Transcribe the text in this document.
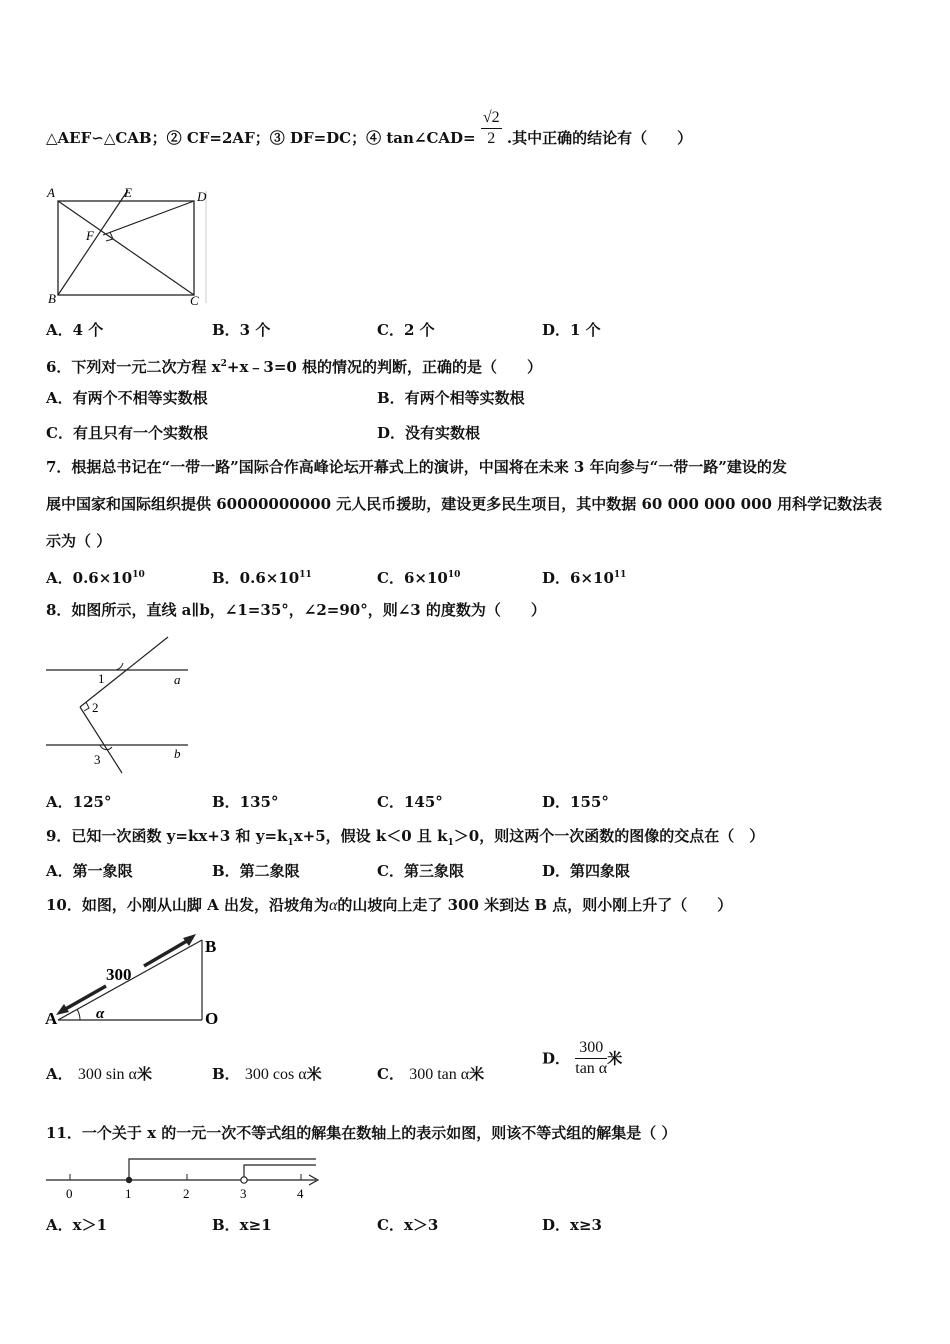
△AEF∽△CAB；② CF=2AF；③ DF=DC；④ tan∠CAD= $\frac{√2}{2}$ .其中正确的结论有（　　）
A	E	D
F
B	C
A．4 个	B．3 个	C．2 个	D．1 个
6．下列对一元二次方程 $x^2+x﹣3=0$ 根的情况的判断，正确的是（　　）
A．有两个不相等实数根	B．有两个相等实数根
C．有且只有一个实数根	D．没有实数根
7．根据总书记在“一带一路”国际合作高峰论坛开幕式上的演讲，中国将在未来 3 年向参与“一带一路”建设的发
展中国家和国际组织提供 60000000000 元人民币援助，建设更多民生项目，其中数据 60 000 000 000 用科学记数法表
示为（ ）
A．$0.6\times 10^{10}$	B．$0.6\times 10^{11}$	C．$6\times 10^{10}$	D．$6\times 10^{11}$
8．如图所示，直线 a∥b，∠1=35°，∠2=90°，则∠3 的度数为（　　）
1
2
3
a
b
A．125°	B．135°	C．145°	D．155°
9．已知一次函数 y=kx+3 和 $y=k_1x+5$，假设 k＜0 且 $k_1>0$，则这两个一次函数的图像的交点在（　）
A．第一象限	B．第二象限	C．第三象限	D．第四象限
10．如图，小刚从山脚 A 出发，沿坡角为α的山坡向上走了 300 米到达 B 点，则小刚上升了（　　）
300
α
A
B
O
A． 300 sin α米	B． 300 cos α米	C． 300 tan α米
D． $\frac{300}{\text{tan α}}$ 米
11．一个关于 x 的一元一次不等式组的解集在数轴上的表示如图，则该不等式组的解集是（ ）
0	1	2	3	4
A．x＞1	B．x≥1	C．x＞3	D．x≥3
